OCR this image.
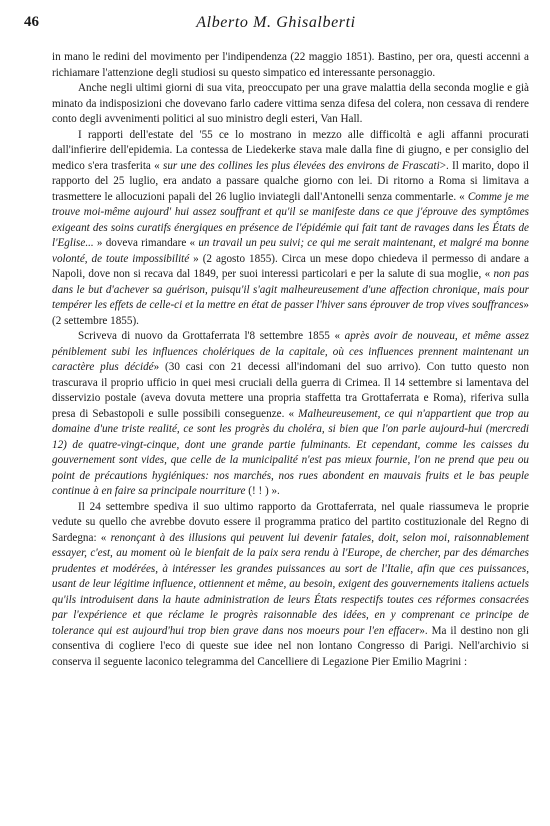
46	Alberto M. Ghisalberti

in mano le redini del movimento per l'indipendenza (22 maggio 1851). Bastino, per ora, questi accenni a richiamare l'attenzione degli studiosi su questo simpatico ed interessante personaggio.

Anche negli ultimi giorni di sua vita, preoccupato per una grave malattia della seconda moglie e già minato da indisposizioni che dovevano farlo cadere vittima senza difesa del colera, non cessava di rendere conto degli avvenimenti politici al suo ministro degli esteri, Van Hall.

I rapporti dell'estate del '55 ce lo mostrano in mezzo alle difficoltà e agli affanni procurati dall'infierire dell'epidemia. La contessa de Liedekerke stava male dalla fine di giugno, e per consiglio del medico s'era trasferita « sur une des collines les plus élevées des environs de Frascati>. Il marito, dopo il rapporto del 25 luglio, era andato a passare qualche giorno con lei. Di ritorno a Roma si limitava a trasmettere le allocuzioni papali del 26 luglio inviategli dall'Antonelli senza commentarle. « Comme je me trouve moi-même aujourd' hui assez souffrant et qu'il se manifeste dans ce que j'éprouve des symptômes exigeant des soins curatifs énergiques en présence de l'épidémie qui fait tant de ravages dans les États de l'Eglise... » doveva rimandare « un travail un peu suivi; ce qui me serait maintenant, et malgré ma bonne volonté, de toute impossibilité » (2 agosto 1855). Circa un mese dopo chiedeva il permesso di andare a Napoli, dove non si recava dal 1849, per suoi interessi particolari e per la salute di sua moglie, « non pas dans le but d'achever sa guérison, puisqu'il s'agit malheureusement d'une affection chronique, mais pour tempérer les effets de celle-ci et la mettre en état de passer l'hiver sans éprouver de trop vives souffrances» (2 settembre 1855).

Scriveva di nuovo da Grottaferrata l'8 settembre 1855 « après avoir de nouveau, et même assez péniblement subi les influences cholériques de la capitale, où ces influences prennent maintenant un caractère plus décidé» (30 casi con 21 decessi all'indomani del suo arrivo). Con tutto questo non trascurava il proprio ufficio in quei mesi cruciali della guerra di Crimea. Il 14 settembre si lamentava del disservizio postale (aveva dovuta mettere una propria staffetta tra Grottaferrata e Roma), riferiva sulla presa di Sebastopoli e sulle possibili conseguenze. « Malheureusement, ce qui n'appartient que trop au domaine d'une triste realité, ce sont les progrès du choléra, si bien que l'on parle aujourd-hui (mercredi 12) de quatre-vingt-cinque, dont une grande partie fulminants. Et cependant, comme les caisses du gouvernement sont vides, que celle de la municipalité n'est pas mieux fournie, l'on ne prend que peu ou point de précautions hygiéniques: nos marchés, nos rues abondent en mauvais fruits et le bas peuple continue à en faire sa principale nourriture (! ! ) ».

Il 24 settembre spediva il suo ultimo rapporto da Grottaferrata, nel quale riassumeva le proprie vedute su quello che avrebbe dovuto essere il programma pratico del partito costituzionale del Regno di Sardegna: « renonçant à des illusions qui peuvent lui devenir fatales, doit, selon moi, raisonnablement essayer, c'est, au moment où le bienfait de la paix sera rendu à l'Europe, de chercher, par des démarches prudentes et modérées, à intéresser les grandes puissances au sort de l'Italie, afin que ces puissances, usant de leur légitime influence, ottiennent et même, au besoin, exigent des gouvernements italiens actuels qu'ils introduisent dans la haute administration de leurs États respectifs toutes ces réformes consacrées par l'expérience et que réclame le progrès raisonnable des idées, en y comprenant ce principe de tolerance qui est aujourd'hui trop bien grave dans nos moeurs pour l'en effacer». Ma il destino non gli consentiva di cogliere l'eco di queste sue idee nel non lontano Congresso di Parigi. Nell'archivio si conserva il seguente laconico telegramma del Cancelliere di Legazione Pier Emilio Magrini :
